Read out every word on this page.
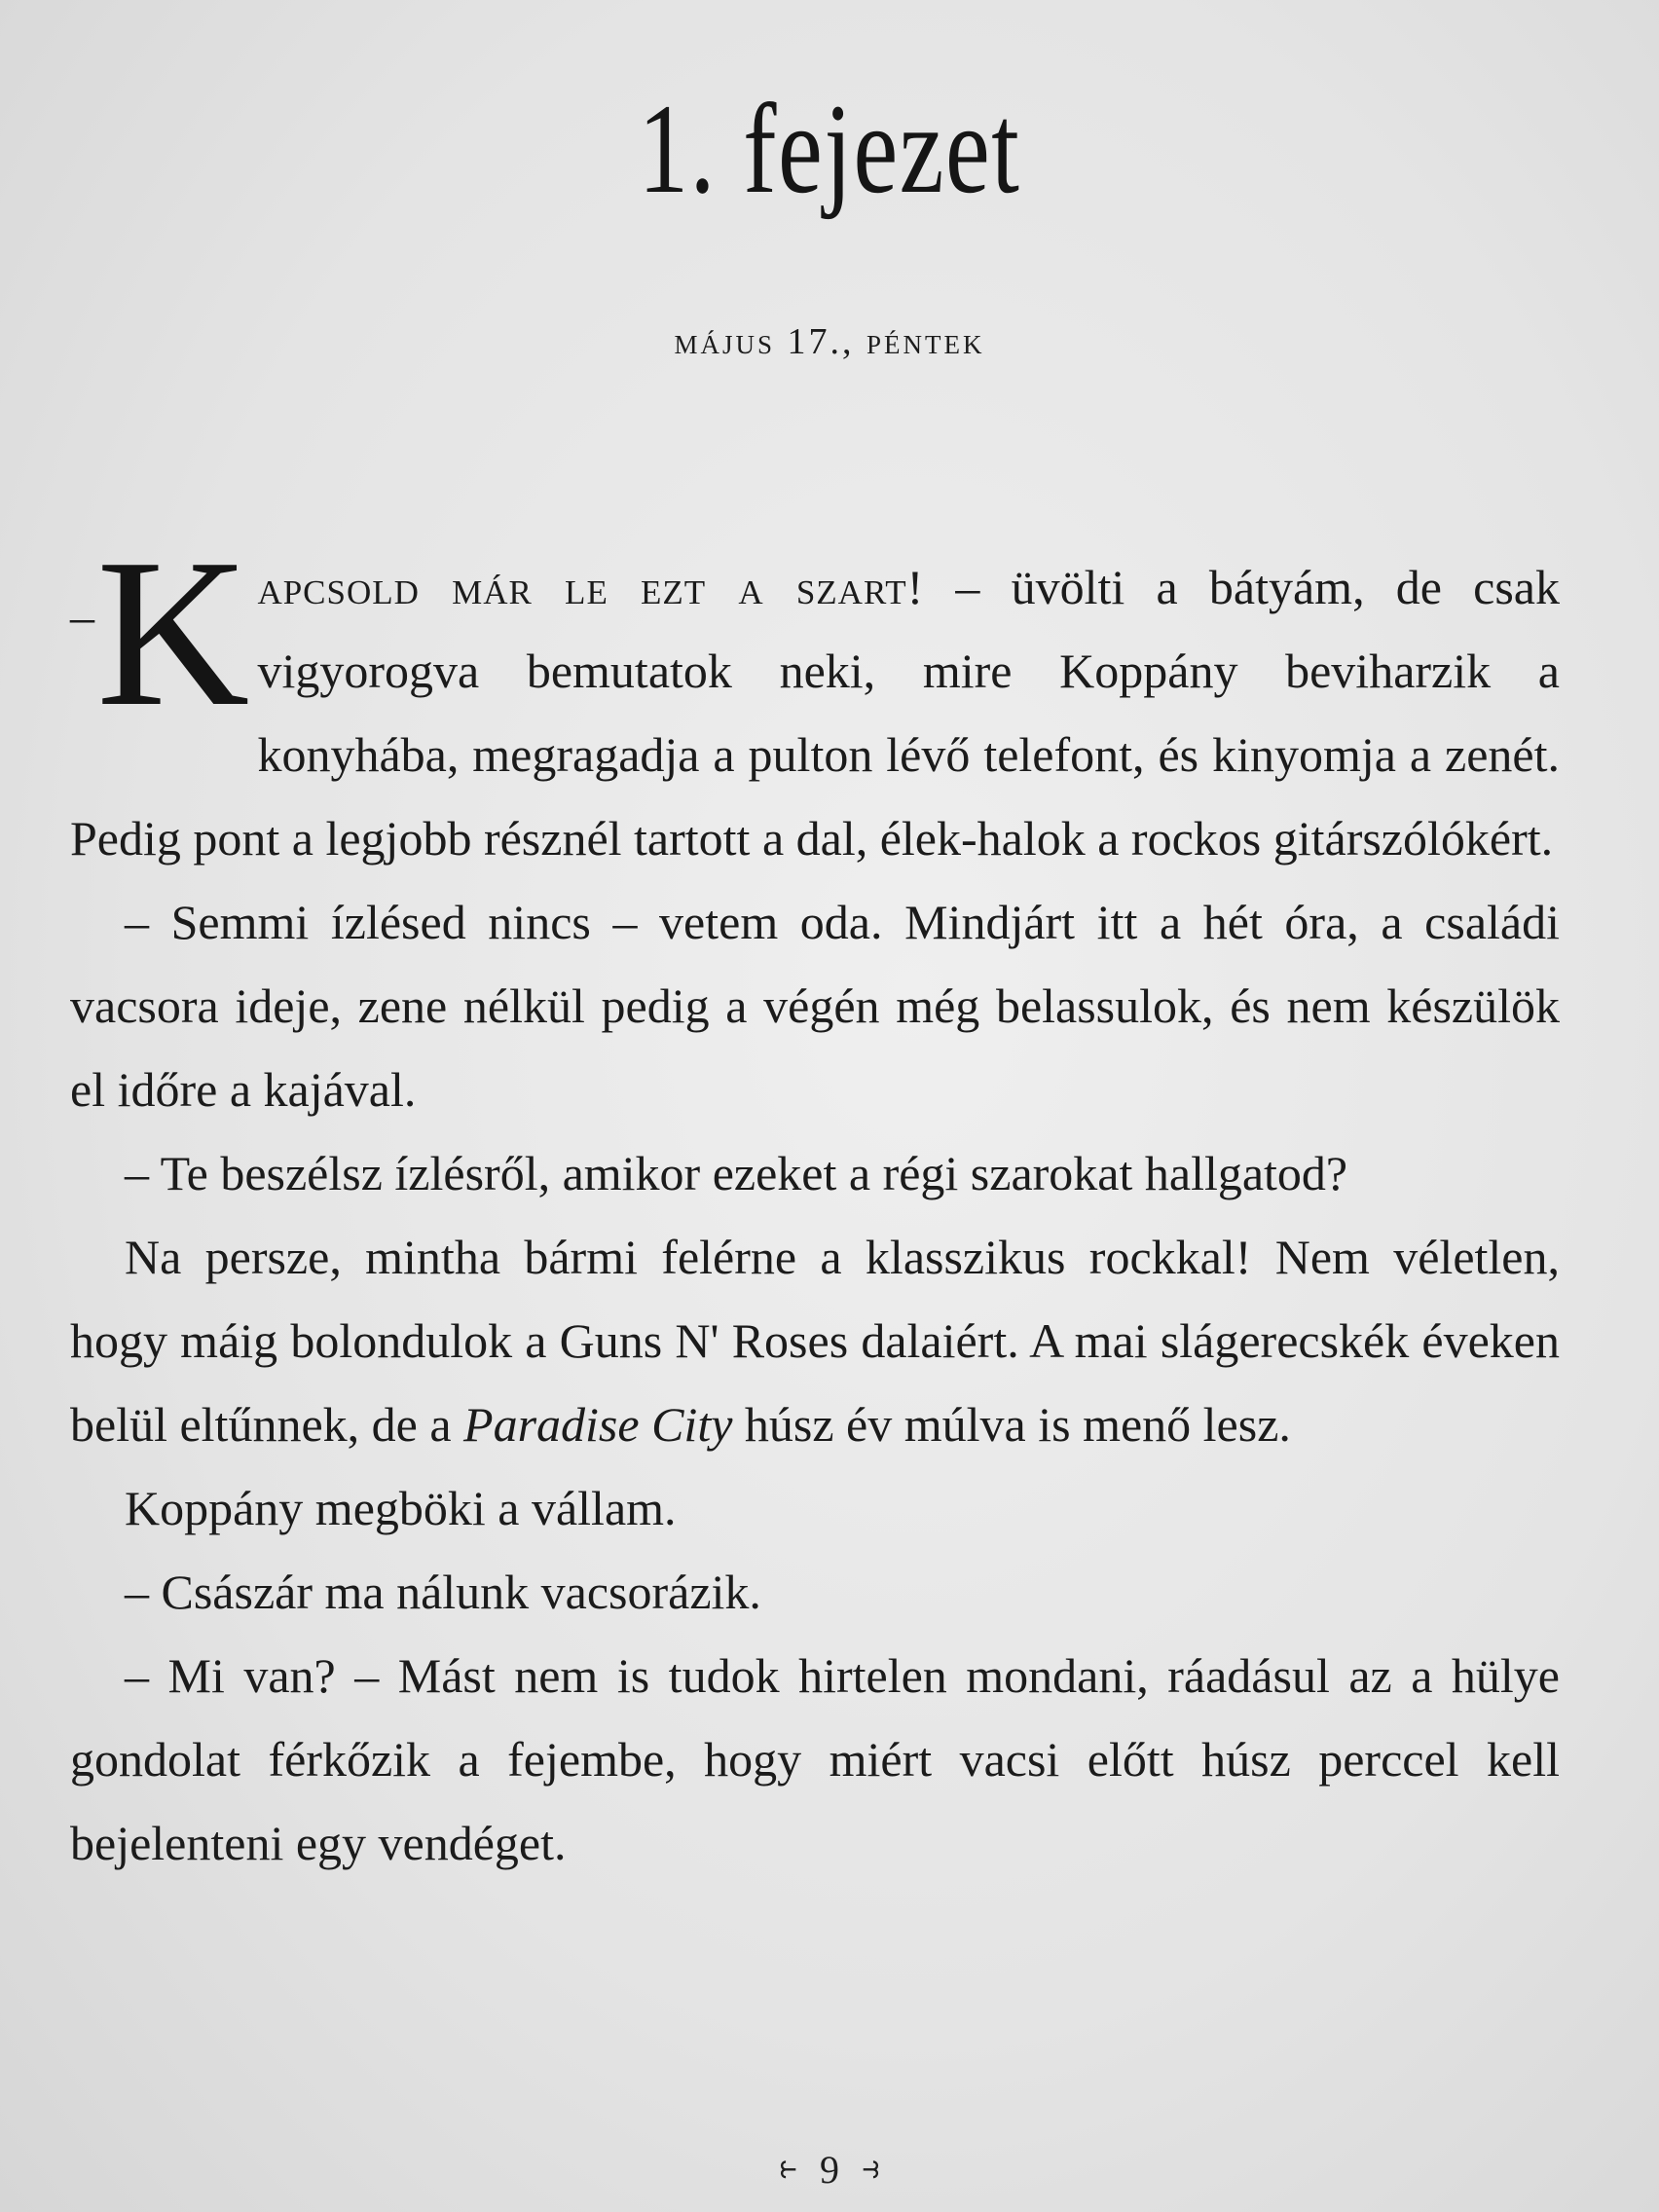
1. fejezet
május 17., péntek

– K apcsold már le ezt a szart! – üvölti a bátyám, de csak vigyorogva bemutatok neki, mire Koppány beviharzik a konyhába, megragadja a pulton lévő telefont, és kinyomja a zenét. Pedig pont a legjobb résznél tartott a dal, élek-halok a rockos gitárszólókért.

– Semmi ízlésed nincs – vetem oda. Mindjárt itt a hét óra, a családi vacsora ideje, zene nélkül pedig a végén még belassulok, és nem készülök el időre a kajával.

– Te beszélsz ízlésről, amikor ezeket a régi szarokat hallgatod?

Na persze, mintha bármi felérne a klasszikus rockkal! Nem véletlen, hogy máig bolondulok a Guns N' Roses dalaiért. A mai slágerecskék éveken belül eltűnnek, de a Paradise City húsz év múlva is menő lesz.

Koppány megböki a vállam.

– Császár ma nálunk vacsorázik.

– Mi van? – Mást nem is tudok hirtelen mondani, ráadásul az a hülye gondolat férkőzik a fejembe, hogy miért vacsi előtt húsz perccel kell bejelenteni egy vendéget.

⥼ 9 ⥽
